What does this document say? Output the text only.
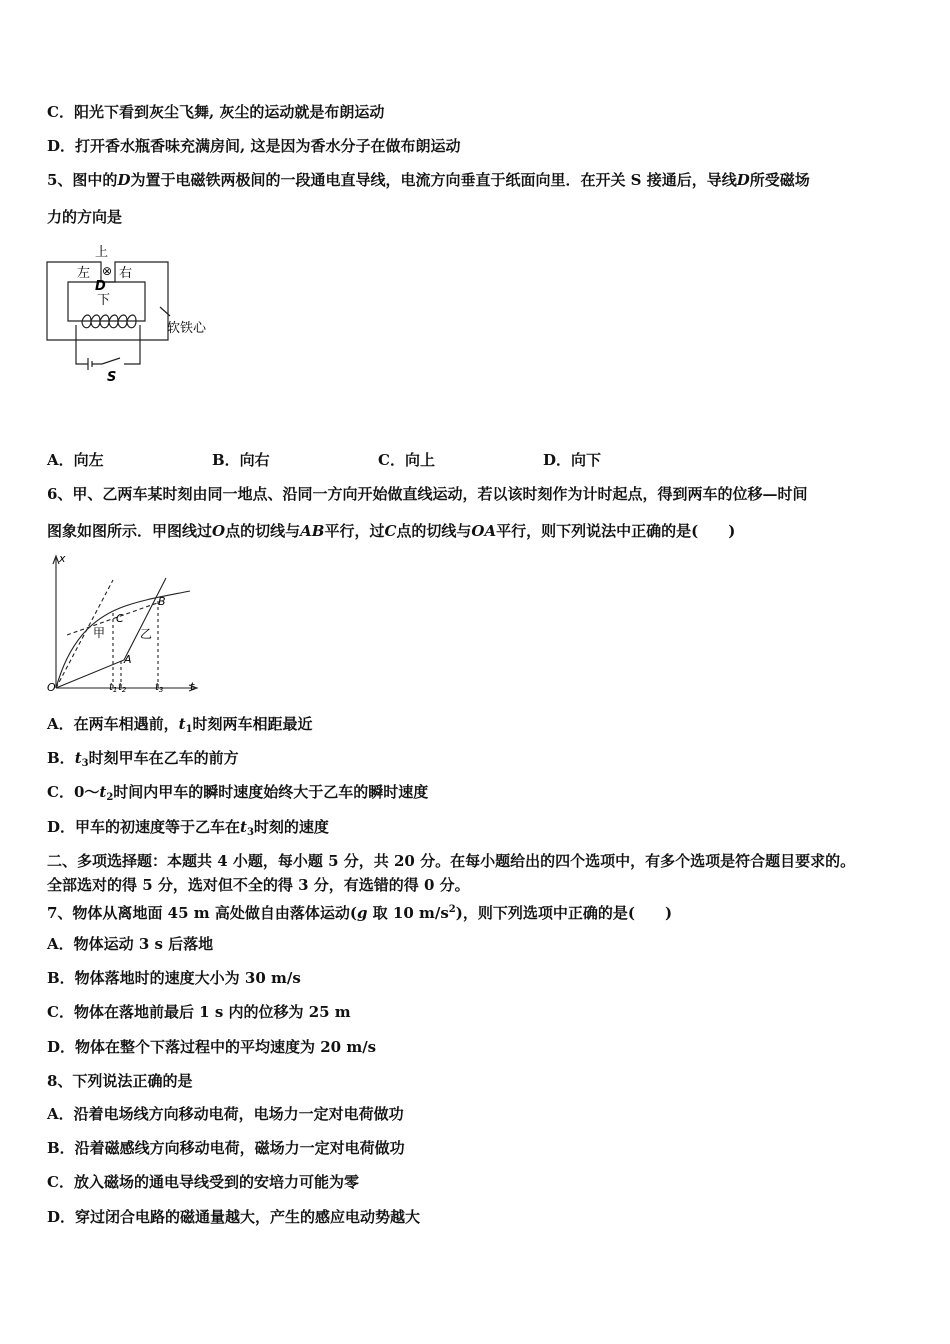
C．阳光下看到灰尘飞舞, 灰尘的运动就是布朗运动
D．打开香水瓶香味充满房间, 这是因为香水分子在做布朗运动
5、图中的D为置于电磁铁两极间的一段通电直导线，电流方向垂直于纸面向里．在开关 S 接通后，导线D所受磁场
力的方向是
上
左 右
⊗
D
下
软铁心
S
A．向左	B．向右	C．向上	D．向下
6、甲、乙两车某时刻由同一地点、沿同一方向开始做直线运动，若以该时刻作为计时起点，得到两车的位移—时间
图象如图所示．甲图线过O点的切线与AB平行，过C点的切线与OA平行，则下列说法中正确的是(　　)
x
t
O
甲	乙
C
A
B
$t_1$ $t_2$	$t_3$
A．在两车相遇前，$t_1$时刻两车相距最近
B．$t_3$时刻甲车在乙车的前方
C．$0\sim t_2$时间内甲车的瞬时速度始终大于乙车的瞬时速度
D．甲车的初速度等于乙车在$t_3$时刻的速度
二、多项选择题：本题共 4 小题，每小题 5 分，共 20 分。在每小题给出的四个选项中，有多个选项是符合题目要求的。
全部选对的得 5 分，选对但不全的得 3 分，有选错的得 0 分。
7、物体从离地面 45 m 高处做自由落体运动(g 取 10 $m/s^2$)，则下列选项中正确的是(　　)
A．物体运动 3 s 后落地
B．物体落地时的速度大小为 30 m/s
C．物体在落地前最后 1 s 内的位移为 25 m
D．物体在整个下落过程中的平均速度为 20 m/s
8、下列说法正确的是
A．沿着电场线方向移动电荷，电场力一定对电荷做功
B．沿着磁感线方向移动电荷，磁场力一定对电荷做功
C．放入磁场的通电导线受到的安培力可能为零
D．穿过闭合电路的磁通量越大，产生的感应电动势越大
